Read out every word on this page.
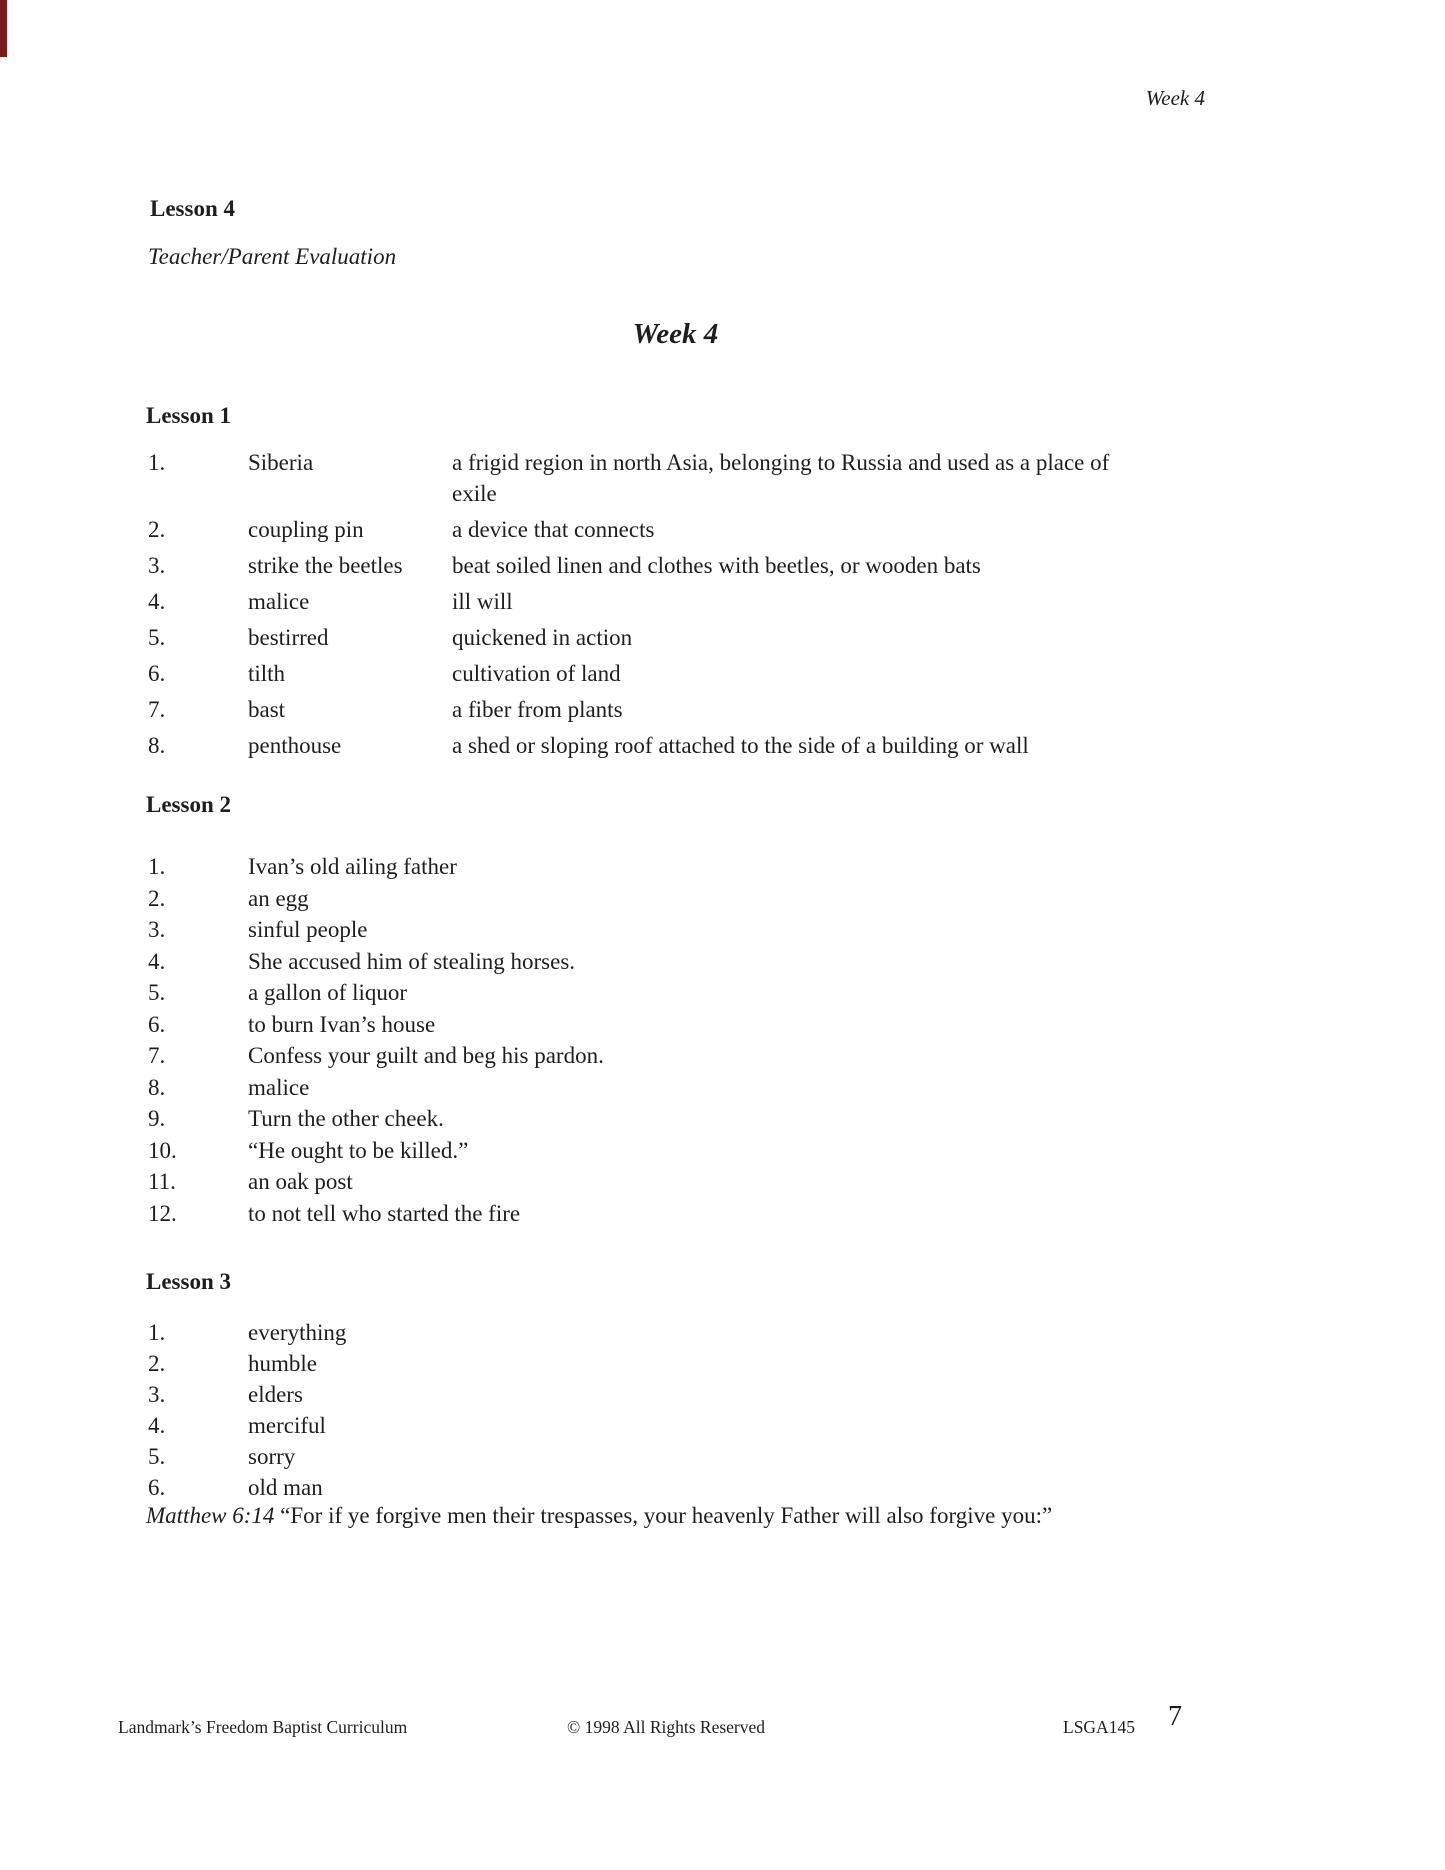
Week 4
Lesson 4
Teacher/Parent Evaluation
Week 4
Lesson 1
1.	Siberia	a frigid region in north Asia, belonging to Russia and used as a place of exile
2.	coupling pin	a device that connects
3.	strike the beetles	beat soiled linen and clothes with beetles, or wooden bats
4.	malice	ill will
5.	bestirred	quickened in action
6.	tilth	cultivation of land
7.	bast	a fiber from plants
8.	penthouse	a shed or sloping roof attached to the side of a building or wall
Lesson 2
1.	Ivan’s old ailing father
2.	an egg
3.	sinful people
4.	She accused him of stealing horses.
5.	a gallon of liquor
6.	to burn Ivan’s house
7.	Confess your guilt and beg his pardon.
8.	malice
9.	Turn the other cheek.
10.	“He ought to be killed.”
11.	an oak post
12.	to not tell who started the fire
Lesson 3
1.	everything
2.	humble
3.	elders
4.	merciful
5.	sorry
6.	old man
Matthew 6:14 “For if ye forgive men their trespasses, your heavenly Father will also forgive you:”
Landmark’s Freedom Baptist Curriculum	© 1998 All Rights Reserved	LSGA145 7
